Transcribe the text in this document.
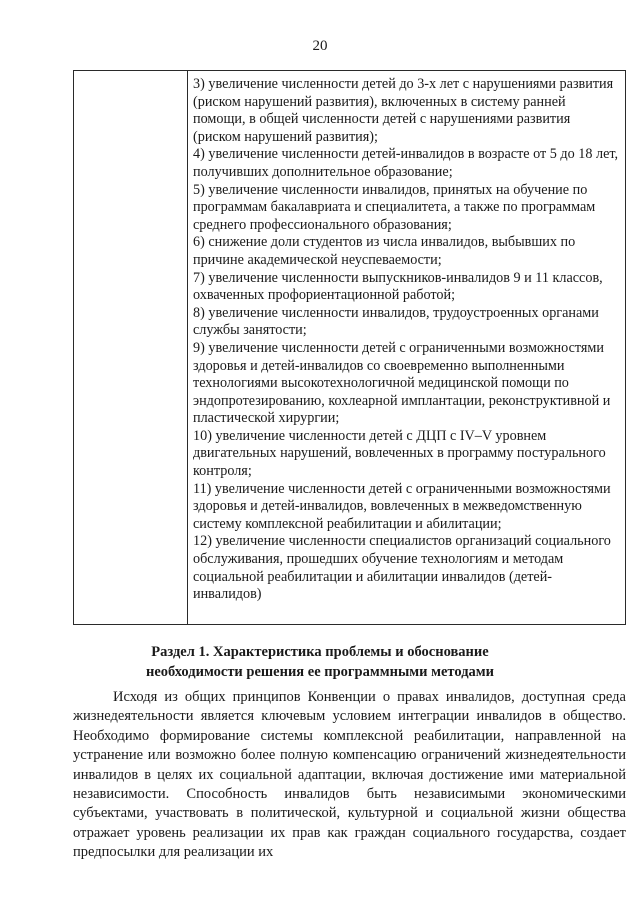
20

3) увеличение численности детей до 3-х лет с нарушениями развития (риском нарушений развития), включенных в систему ранней помощи, в общей численности детей с нарушениями развития (риском нарушений развития);

4) увеличение численности детей-инвалидов в возрасте от 5 до 18 лет, получивших дополнительное образование;

5) увеличение численности инвалидов, принятых на обучение по программам бакалавриата и специалитета, а также по программам среднего профессионального образования;

6) снижение доли студентов из числа инвалидов, выбывших по причине академической неуспеваемости;

7) увеличение численности выпускников-инвалидов 9 и 11 классов, охваченных профориентационной работой;

8) увеличение численности инвалидов, трудоустроенных органами службы занятости;

9) увеличение численности детей с ограниченными возможностями здоровья и детей-инвалидов со своевременно выполненными технологиями высокотехнологичной медицинской помощи по эндопротезированию, кохлеарной имплантации, реконструктивной и пластической хирургии;

10) увеличение численности детей с ДЦП с IV–V уровнем двигательных нарушений, вовлеченных в программу постурального контроля;

11) увеличение численности детей с ограниченными возможностями здоровья и детей-инвалидов, вовлеченных в межведомственную систему комплексной реабилитации и абилитации;

12) увеличение численности специалистов организаций социального обслуживания, прошедших обучение технологиям и методам социальной реабилитации и абилитации инвалидов (детей-инвалидов)

Раздел 1. Характеристика проблемы и обоснование
необходимости решения ее программными методами

Исходя из общих принципов Конвенции о правах инвалидов, доступная среда жизнедеятельности является ключевым условием интеграции инвалидов в общество. Необходимо формирование системы комплексной реабилитации, направленной на устранение или возможно более полную компенсацию ограничений жизнедеятельности инвалидов в целях их социальной адаптации, включая достижение ими материальной независимости. Способность инвалидов быть независимыми экономическими субъектами, участвовать в политической, культурной и социальной жизни общества отражает уровень реализации их прав как граждан социального государства, создает предпосылки для реализации их
